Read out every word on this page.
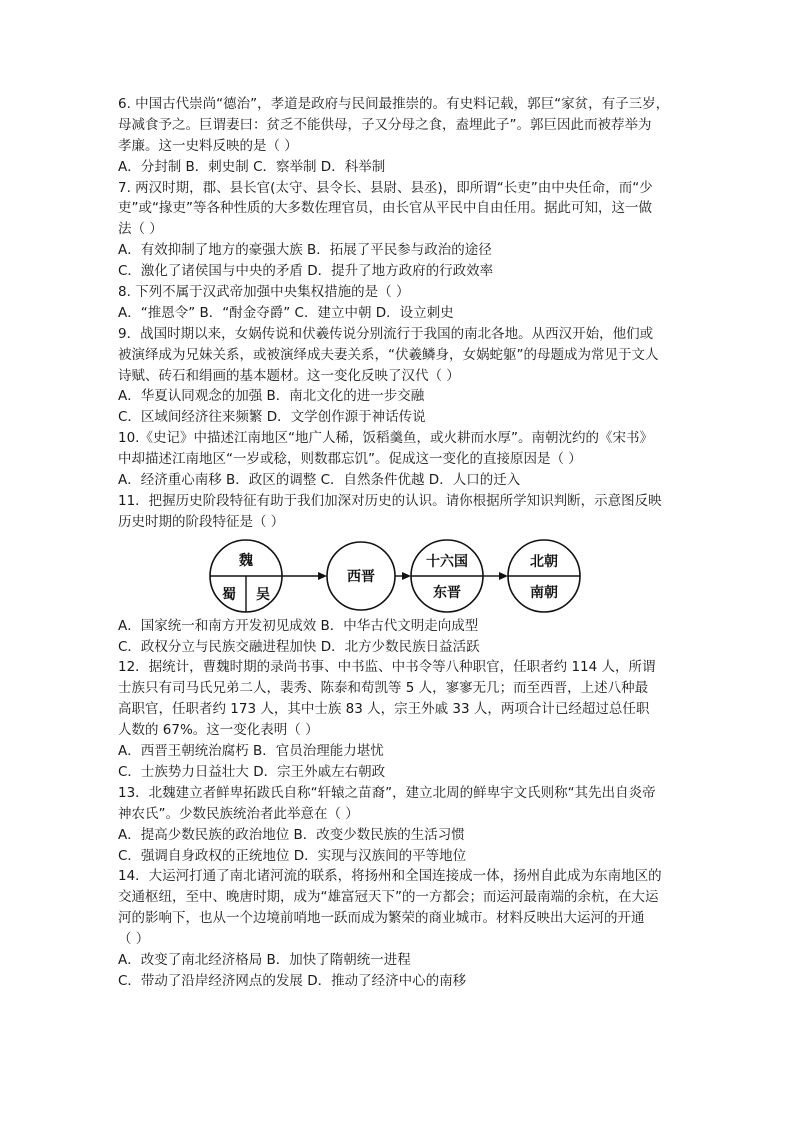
6. 中国古代崇尚“德治”，孝道是政府与民间最推崇的。有史料记载，郭巨“家贫，有子三岁，
母减食予之。巨谓妻曰：贫乏不能供母，子又分母之食，盍埋此子”。郭巨因此而被荐举为
孝廉。这一史料反映的是（ ）
A．分封制 B．刺史制 C．察举制 D．科举制
7. 两汉时期，郡、县长官(太守、县令长、县尉、县丞)，即所谓“长吏”由中央任命，而“少
吏”或“掾吏”等各种性质的大多数佐理官员，由长官从平民中自由任用。据此可知，这一做
法（ ）
A．有效抑制了地方的豪强大族 B．拓展了平民参与政治的途径
C．激化了诸侯国与中央的矛盾 D．提升了地方政府的行政效率
8. 下列不属于汉武帝加强中央集权措施的是（ ）
A．“推恩令” B．“酎金夺爵” C．建立中朝 D．设立刺史
9．战国时期以来，女娲传说和伏羲传说分别流行于我国的南北各地。从西汉开始，他们或
被演绎成为兄妹关系，或被演绎成夫妻关系，“伏羲鳞身，女娲蛇躯”的母题成为常见于文人
诗赋、砖石和绢画的基本题材。这一变化反映了汉代（ ）
A．华夏认同观念的加强 B．南北文化的进一步交融
C．区域间经济往来频繁 D．文学创作源于神话传说
10.《史记》中描述江南地区“地广人稀，饭稻羹鱼，或火耕而水厚”。南朝沈约的《宋书》
中却描述江南地区“一岁或稔，则数郡忘饥”。促成这一变化的直接原因是（ ）
A．经济重心南移 B．政区的调整 C．自然条件优越 D．人口的迁入
11．把握历史阶段特征有助于我们加深对历史的认识。请你根据所学知识判断，示意图反映
历史时期的阶段特征是（ ）
魏
蜀 吴
西晋
十六国
东晋
北朝
南朝
A．国家统一和南方开发初见成效 B．中华古代文明走向成型
C．政权分立与民族交融进程加快 D．北方少数民族日益活跃
12．据统计，曹魏时期的录尚书事、中书监、中书令等八种职官，任职者约 114 人，所谓
士族只有司马氏兄弟二人，裴秀、陈泰和荀凯等 5 人，寥寥无几；而至西晋，上述八种最
高职官，任职者约 173 人，其中士族 83 人，宗王外戚 33 人，两项合计已经超过总任职
人数的 67%。这一变化表明（ ）
A．西晋王朝统治腐朽 B．官员治理能力堪忧
C．士族势力日益壮大 D．宗王外戚左右朝政
13．北魏建立者鲜卑拓跋氏自称“轩辕之苗裔”，建立北周的鲜卑宇文氏则称“其先出自炎帝
神农氏”。少数民族统治者此举意在（ ）
A．提高少数民族的政治地位 B．改变少数民族的生活习惯
C．强调自身政权的正统地位 D．实现与汉族间的平等地位
14．大运河打通了南北诸河流的联系，将扬州和全国连接成一体，扬州自此成为东南地区的
交通枢纽，至中、晚唐时期，成为“雄富冠天下”的一方都会；而运河最南端的余杭，在大运
河的影响下，也从一个边境前哨地一跃而成为繁荣的商业城市。材料反映出大运河的开通
（ ）
A．改变了南北经济格局 B．加快了隋朝统一进程
C．带动了沿岸经济网点的发展 D．推动了经济中心的南移
